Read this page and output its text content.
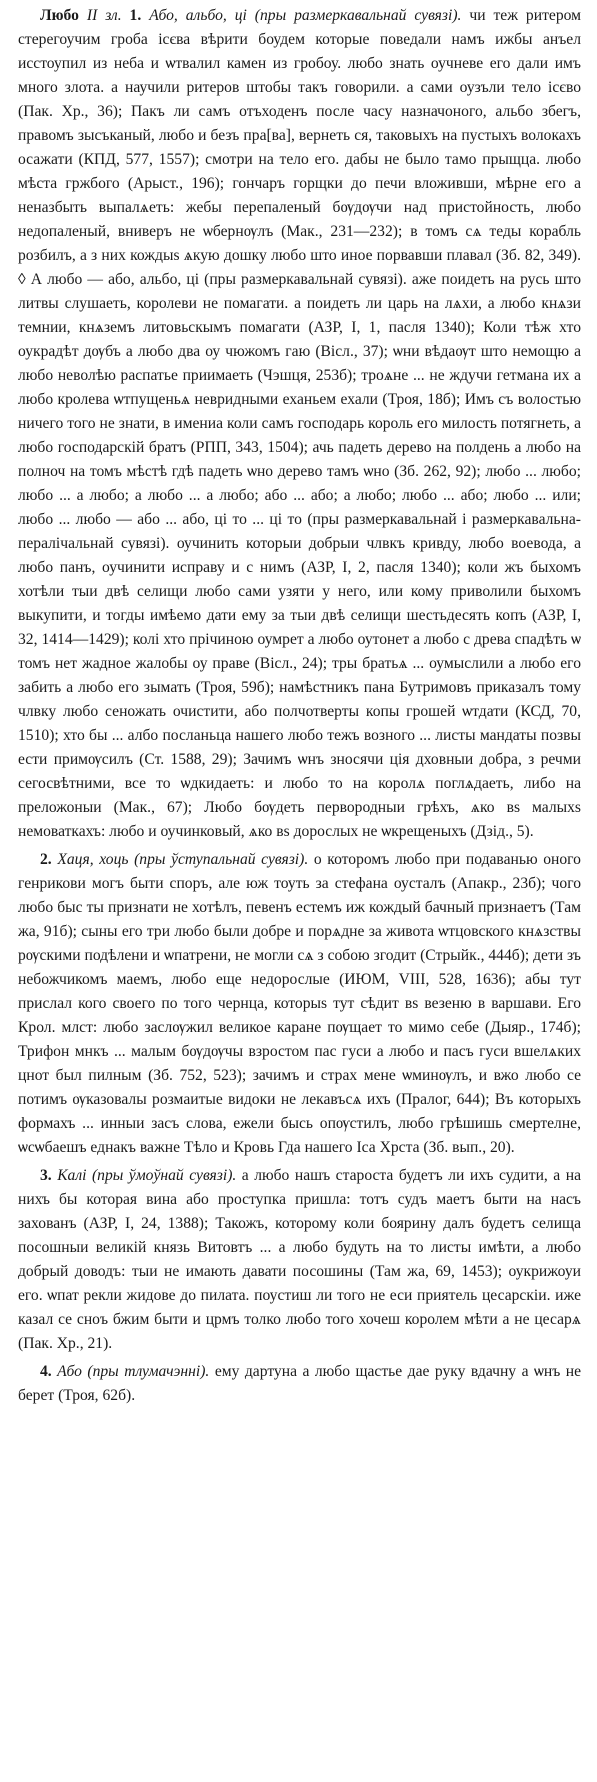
Любо II зл. 1. Або, альбо, ці (пры размеркавальнай сувязі). чи теж ритером стерегоучим гроба ісєва вѣрити боудем которые поведали намъ ижбы анъел исстоупил из неба и ѡтвалил камен из гробоу. любо знать оучневе его дали имъ много злота. а научили ритеров штобы такъ говорили. а сами оузъли тело ісєво (Пак. Хр., 36); Пакъ ли самъ отъходенъ после часу назначоного, альбо збегъ, правомъ зысъканый, любо и безъ пра[ва], вернеть ся, таковыхъ на пустыхъ волокахъ осажати (КПД, 577, 1557); смотри на тело его. дабы не было тамо прыщца. любо мѣста гржбого (Арыст., 196); гончаръ горщки до печи вложивши, мѣрне его а неназбыть выпалѧеть: жебы перепаленый бѹдѹчи над пристойность, любо недопаленый, вниверъ не ѡбернѹлъ (Мак., 231—232); в томъ сѧ теды корабль розбилъ, а з них кождыѕ ѧкую дошку любо што иное порвавши плавал (Зб. 82, 349). ◊ А любо — або, альбо, ці (пры размеркавальнай сувязі). аже поидеть на русь што литвы слушаеть, королеви не помагати. а поидеть ли царь на лѧхи, а любо кнѧзи темнии, кнѧземъ литовьскымъ помагати (АЗР, I, 1, пасля 1340); Коли тѣж хто оукрадѣт дѹбъ а любо два оу чюжомъ гаю (Вісл., 37); ѡни вѣдаѹт што немощю а любо неволѣю распатье приимаеть (Чэшця, 253б); троѧне ... не ждучи гетмана их а любо кролева ѡтпущеньѧ невридными еханьем ехали (Троя, 18б); Имъ съ волостью ничего того не знати, в имениа коли самъ господарь король его милость потягнеть, а любо господарскій братъ (РПП, 343, 1504); ачь падеть дерево на полдень а любо на полноч на томъ мѣстѣ гдѣ падеть ѡно дерево тамъ ѡно (Зб. 262, 92); любо ... любо; любо ... а любо; а любо ... а любо; або ... або; а любо; любо ... або; любо ... или; любо ... любо — або ... або, ці то ... ці то (пры размеркавальнай і размеркавальна-пералічальнай сувязі). оучинить которыи добрыи члвкъ кривду, любо воевода, а любо панъ, оучинити исправу и с нимъ (АЗР, I, 2, пасля 1340); коли жъ быхомъ хотѣли тыи двѣ селищи любо сами узяти у него, или кому приволили быхомъ выкупити, и тогды имѣемо дати ему за тыи двѣ селищи шестьдесять копъ (АЗР, I, 32, 1414—1429); колі хто прічиною оумрет а любо оутонет а любо с древа спадѣть ѡ томъ нет жадное жалобы оу праве (Вісл., 24); тры братьѧ ... оумыслили а любо его забить а любо его зымать (Троя, 59б); намѣстникъ пана Бутримовъ приказалъ тому члвку любо сеножать очистити, або полчотверты копы грошей ѡтдати (КСД, 70, 1510); хто бы ... албо посланьца нашего любо тежъ возного ... листы мандаты позвы ести примѹсилъ (Ст. 1588, 29); Зачимъ ѡнъ зносячи ція дховныи добра, з речми сегосвѣтними, все то ѡдкидаеть: и любо то на королѧ поглѧдаеть, либо на преложоныи (Мак., 67); Любо бѹдеть первородныи грѣхъ, ѧко вѕ малыхѕ немоваткахъ: любо и оучинковый, ѧко вѕ дорослых не ѡкрещеныхъ (Дзід., 5).

2. Хаця, хоць (пры ўступальнай сувязі). о которомъ любо при подаванью оного генрикови могъ быти споръ, але юж тоуть за стефана оусталъ (Апакр., 23б); чого любо быс ты признати не хотѣлъ, певенъ естемъ иж кождый бачный признаетъ (Там жа, 91б); сыны его три любо были добре и порѧдне за живота ѡтцовского кнѧзствы рѹскими подѣлени и ѡпатрени, не могли сѧ з собою згодит (Стрыйк., 444б); дети зъ небожчикомъ маемъ, любо еще недорослые (ИЮМ, VIII, 528, 1636); абы тут прислал кого своего по того чернца, которыѕ тут сѣдит вѕ везеню в варшави. Его Крол. млст: любо заслѹжил великое каране пѹщает то мимо себе (Дыяр., 174б); Трифон мнкъ ... малым бѹдѹчы взростом пас гуси а любо и пасъ гуси вшелѧких цнот был пилным (Зб. 752, 523); зачимъ и страх мене ѡминѹлъ, и вжо любо се потимъ ѹказовалы розмаитые видоки не лекавъсѧ ихъ (Пралог, 644); Въ которыхъ формахъ ... инныи засъ слова, ежели бысь опѹстилъ, любо грѣшишь смертелне, ѡсѡбаешъ еднакъ важне Тѣло и Кровь Гда нашего Іса Хрста (Зб. вып., 20).

3. Калі (пры ўмоўнай сувязі). а любо нашъ староста будетъ ли ихъ судити, а на нихъ бы которая вина або проступка пришла: тотъ судъ маетъ быти на насъ захованъ (АЗР, I, 24, 1388); Такожъ, которому коли боярину далъ будетъ селища посошныи великій князь Витовтъ ... а любо будуть на то листы имѣти, а любо добрый доводъ: тыи не имають давати посошины (Там жа, 69, 1453); оукрижоуи его. ѡпат рекли жидове до пилата. поустиш ли того не еси приятель цесарскіи. иже казал се сноъ бжим быти и црмъ толко любо того хочеш королем мѣти а не цесарѧ (Пак. Хр., 21).

4. Або (пры тлумачэнні). ему дартуна а любо щастье дае руку вдачну а ѡнъ не берет (Троя, 62б).
